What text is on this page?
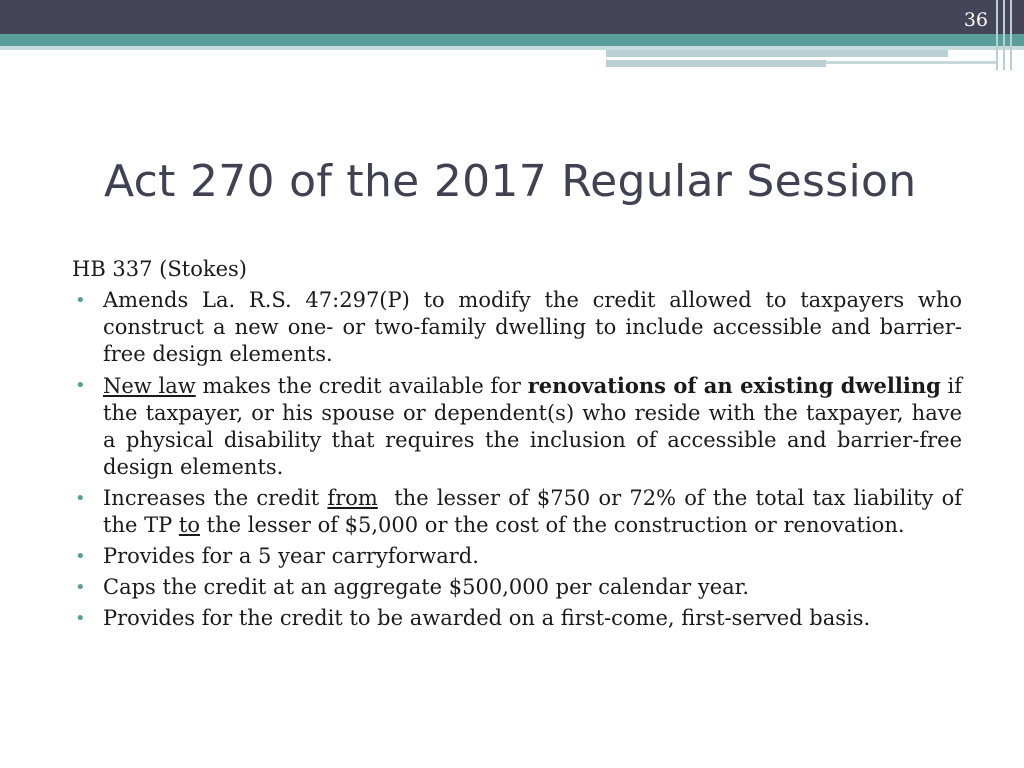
36
Act 270 of the 2017 Regular Session

HB 337 (Stokes)

• Amends La. R.S. 47:297(P) to modify the credit allowed to taxpayers who construct a new one- or two-family dwelling to include accessible and barrier-free design elements.
• New law makes the credit available for renovations of an existing dwelling if the taxpayer, or his spouse or dependent(s) who reside with the taxpayer, have a physical disability that requires the inclusion of accessible and barrier-free design elements.
• Increases the credit from  the lesser of $750 or 72% of the total tax liability of the TP to the lesser of $5,000 or the cost of the construction or renovation.
• Provides for a 5 year carryforward.
• Caps the credit at an aggregate $500,000 per calendar year.
• Provides for the credit to be awarded on a first-come, first-served basis.
